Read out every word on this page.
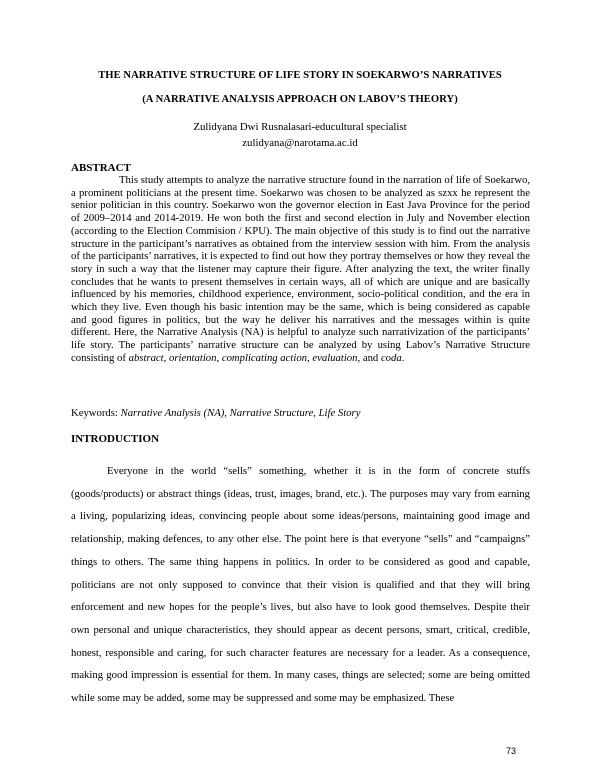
THE NARRATIVE STRUCTURE OF LIFE STORY IN SOEKARWO’S NARRATIVES
(A NARRATIVE ANALYSIS APPROACH ON LABOV’S THEORY)
Zulidyana Dwi Rusnalasari-educultural specialist
zulidyana@narotama.ac.id
ABSTRACT

This study attempts to analyze the narrative structure found in the narration of life of Soekarwo, a prominent politicians at the present time. Soekarwo was chosen to be analyzed as szxx he represent the senior politician in this country. Soekarwo won the governor election in East Java Province for the period of 2009–2014 and 2014-2019. He won both the first and second election in July and November election (according to the Election Commision / KPU). The main objective of this study is to find out the narrative structure in the participant’s narratives as obtained from the interview session with him. From the analysis of the participants’ narratives, it is expected to find out how they portray themselves or how they reveal the story in such a way that the listener may capture their figure. After analyzing the text, the writer finally concludes that he wants to present themselves in certain ways, all of which are unique and are basically influenced by his memories, childhood experience, environment, socio-political condition, and the era in which they live. Even though his basic intention may be the same, which is being considered as capable and good figures in politics, but the way he deliver his narratives and the messages within is quite different. Here, the Narrative Analysis (NA) is helpful to analyze such narrativization of the participants’ life story. The participants’ narrative structure can be analyzed by using Labov’s Narrative Structure consisting of abstract, orientation, complicating action, evaluation, and coda.

Keywords: Narrative Analysis (NA), Narrative Structure, Life Story
INTRODUCTION

Everyone in the world “sells” something, whether it is in the form of concrete stuffs (goods/products) or abstract things (ideas, trust, images, brand, etc.). The purposes may vary from earning a living, popularizing ideas, convincing people about some ideas/persons, maintaining good image and relationship, making defences, to any other else. The point here is that everyone “sells” and “campaigns” things to others. The same thing happens in politics. In order to be considered as good and capable, politicians are not only supposed to convince that their vision is qualified and that they will bring enforcement and new hopes for the people’s lives, but also have to look good themselves. Despite their own personal and unique characteristics, they should appear as decent persons, smart, critical, credible, honest, responsible and caring, for such character features are necessary for a leader. As a consequence, making good impression is essential for them. In many cases, things are selected; some are being omitted while some may be added, some may be suppressed and some may be emphasized. These

73
